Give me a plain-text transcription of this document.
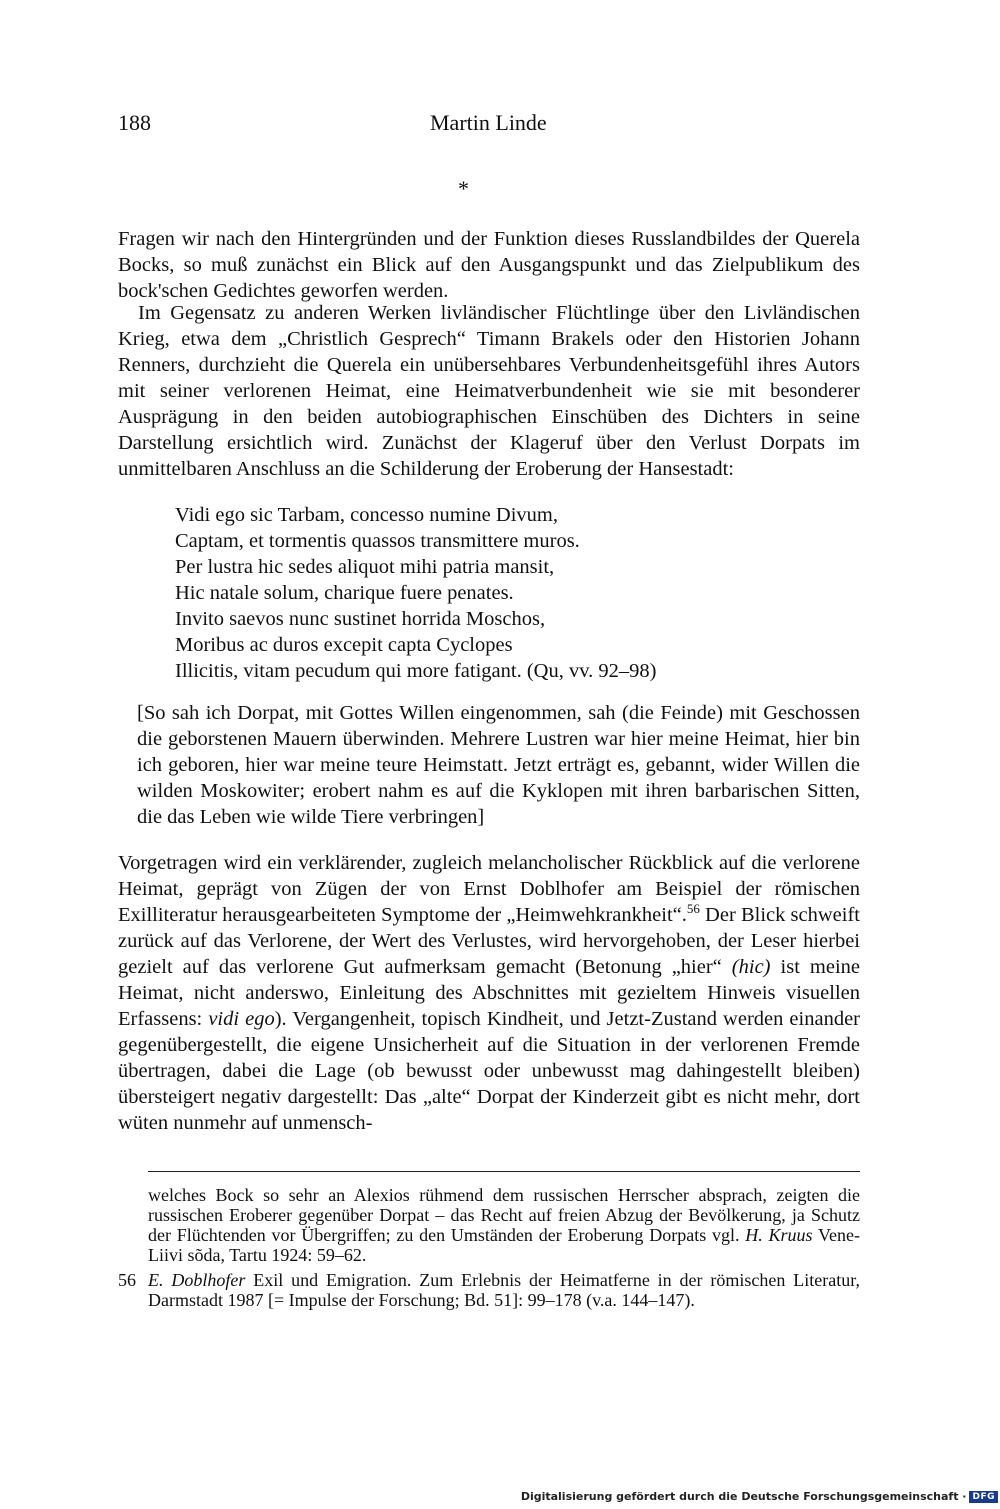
188	Martin Linde
*

Fragen wir nach den Hintergründen und der Funktion dieses Russlandbildes der Querela Bocks, so muß zunächst ein Blick auf den Ausgangspunkt und das Zielpublikum des bock'schen Gedichtes geworfen werden.

Im Gegensatz zu anderen Werken livländischer Flüchtlinge über den Livländischen Krieg, etwa dem „Christlich Gesprech“ Timann Brakels oder den Historien Johann Renners, durchzieht die Querela ein unübersehbares Verbundenheitsgefühl ihres Autors mit seiner verlorenen Heimat, eine Heimatverbundenheit wie sie mit besonderer Ausprägung in den beiden autobiographischen Einschüben des Dichters in seine Darstellung ersichtlich wird. Zunächst der Klageruf über den Verlust Dorpats im unmittelbaren Anschluss an die Schilderung der Eroberung der Hansestadt:

Vidi ego sic Tarbam, concesso numine Divum,
Captam, et tormentis quassos transmittere muros.
Per lustra hic sedes aliquot mihi patria mansit,
Hic natale solum, charique fuere penates.
Invito saevos nunc sustinet horrida Moschos,
Moribus ac duros excepit capta Cyclopes
Illicitis, vitam pecudum qui more fatigant. (Qu, vv. 92–98)

[So sah ich Dorpat, mit Gottes Willen eingenommen, sah (die Feinde) mit Geschossen die geborstenen Mauern überwinden. Mehrere Lustren war hier meine Heimat, hier bin ich geboren, hier war meine teure Heimstatt. Jetzt erträgt es, gebannt, wider Willen die wilden Moskowiter; erobert nahm es auf die Kyklopen mit ihren barbarischen Sitten, die das Leben wie wilde Tiere verbringen]

Vorgetragen wird ein verklärender, zugleich melancholischer Rückblick auf die verlorene Heimat, geprägt von Zügen der von Ernst Doblhofer am Beispiel der römischen Exilliteratur herausgearbeiteten Symptome der „Heimwehkrankheit“.$^{56}$ Der Blick schweift zurück auf das Verlorene, der Wert des Verlustes, wird hervorgehoben, der Leser hierbei gezielt auf das verlorene Gut aufmerksam gemacht (Betonung „hier“ (hic) ist meine Heimat, nicht anderswo, Einleitung des Abschnittes mit gezieltem Hinweis visuellen Erfassens: vidi ego). Vergangenheit, topisch Kindheit, und Jetzt-Zustand werden einander gegenübergestellt, die eigene Unsicherheit auf die Situation in der verlorenen Fremde übertragen, dabei die Lage (ob bewusst oder unbewusst mag dahingestellt bleiben) übersteigert negativ dargestellt: Das „alte“ Dorpat der Kinderzeit gibt es nicht mehr, dort wüten nunmehr auf unmensch-

welches Bock so sehr an Alexios rühmend dem russischen Herrscher absprach, zeigten die russischen Eroberer gegenüber Dorpat – das Recht auf freien Abzug der Bevölkerung, ja Schutz der Flüchtenden vor Übergriffen; zu den Umständen der Eroberung Dorpats vgl. H. Kruus Vene-Liivi sõda, Tartu 1924: 59–62.

56 E. Doblhofer Exil und Emigration. Zum Erlebnis der Heimatferne in der römischen Literatur, Darmstadt 1987 [= Impulse der Forschung; Bd. 51]: 99–178 (v.a. 144–147).
Digitalisierung gefördert durch die Deutsche Forschungsgemeinschaft · DFG
